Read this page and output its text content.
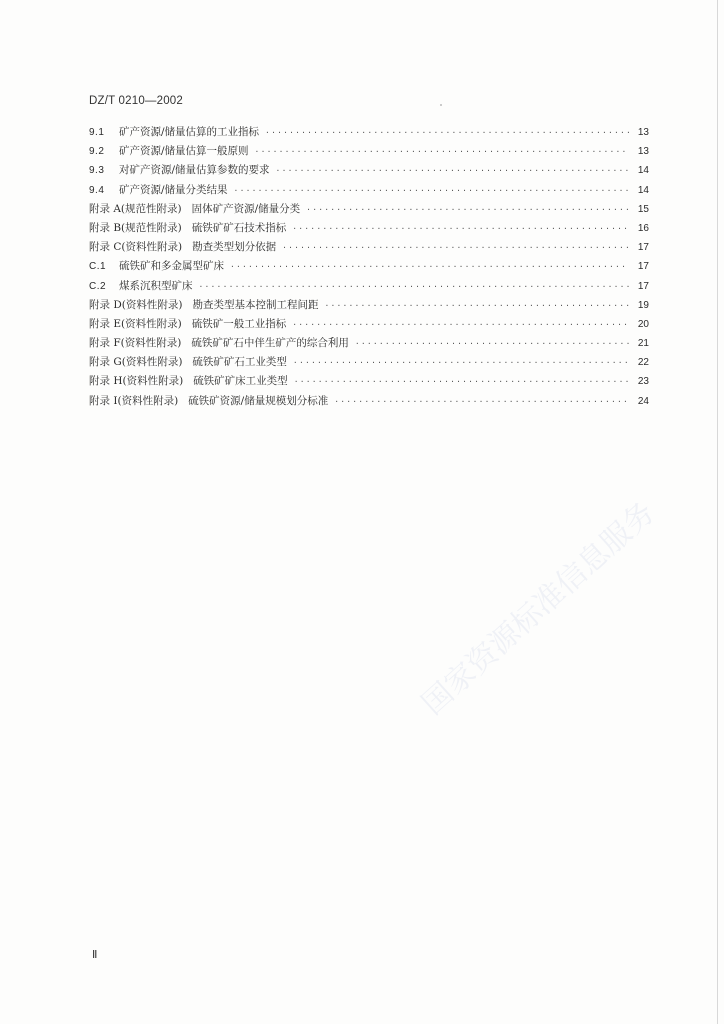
DZ/T 0210—2002
9.1	矿产资源/储量估算的工业指标 ·····	13
9.2	矿产资源/储量估算一般原则 ·····	13
9.3	对矿产资源/储量估算参数的要求 ·····	14
9.4	矿产资源/储量分类结果 ·····	14
附录 A(规范性附录) 固体矿产资源/储量分类 ·····	15
附录 B(规范性附录) 硫铁矿矿石技术指标 ·····	16
附录 C(资料性附录) 勘查类型划分依据 ·····	17
C.1	硫铁矿和多金属型矿床 ·····	17
C.2	煤系沉积型矿床 ·····	17
附录 D(资料性附录) 勘查类型基本控制工程间距 ·····	19
附录 E(资料性附录) 硫铁矿一般工业指标 ·····	20
附录 F(资料性附录) 硫铁矿矿石中伴生矿产的综合利用 ·····	21
附录 G(资料性附录) 硫铁矿矿石工业类型 ·····	22
附录 H(资料性附录) 硫铁矿矿床工业类型 ·····	23
附录 I(资料性附录) 硫铁矿资源/储量规模划分标准 ·····	24
Ⅱ
国家资源标准信息服务
